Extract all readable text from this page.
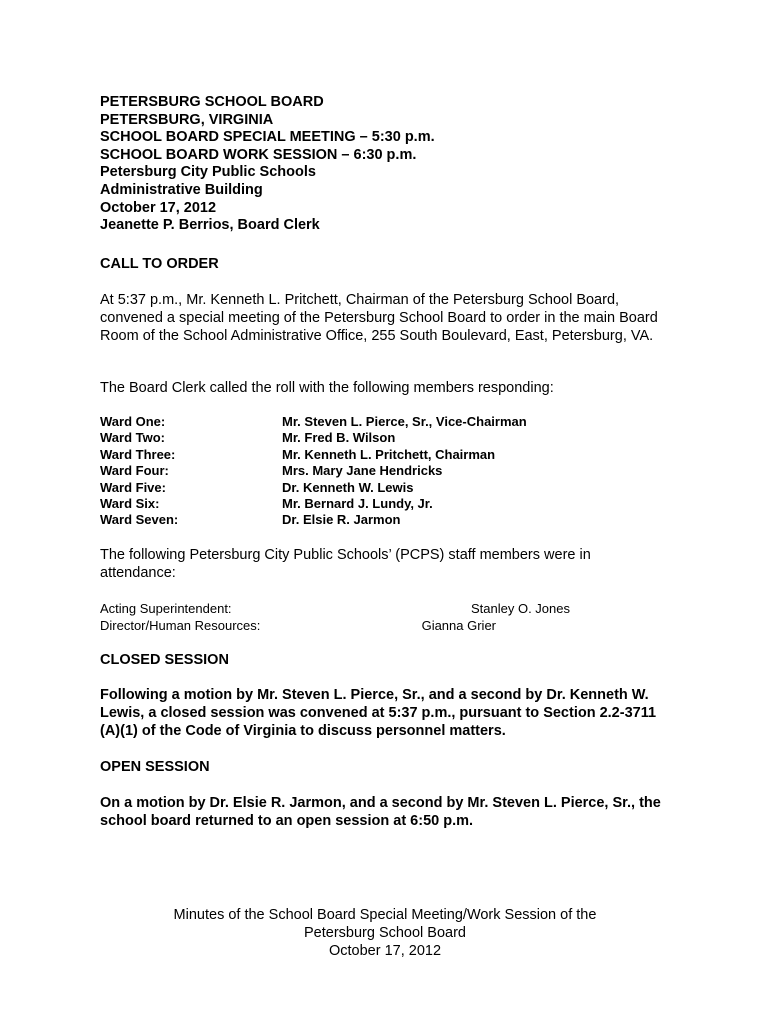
PETERSBURG SCHOOL BOARD
PETERSBURG, VIRGINIA
SCHOOL BOARD SPECIAL MEETING – 5:30 p.m.
SCHOOL BOARD WORK SESSION – 6:30 p.m.
Petersburg City Public Schools
Administrative Building
October 17, 2012
Jeanette P. Berrios, Board Clerk
CALL TO ORDER
At 5:37 p.m., Mr. Kenneth L. Pritchett, Chairman of the Petersburg School Board, convened a special meeting of the Petersburg School Board to order in the main Board Room of the School Administrative Office, 255 South Boulevard, East, Petersburg, VA.
The Board Clerk called the roll with the following members responding:
Ward One:	Mr. Steven L. Pierce, Sr., Vice-Chairman
Ward Two:	Mr. Fred B. Wilson
Ward Three:	Mr. Kenneth L. Pritchett, Chairman
Ward Four:	Mrs. Mary Jane Hendricks
Ward Five:	Dr. Kenneth W. Lewis
Ward Six:	Mr. Bernard J. Lundy, Jr.
Ward Seven:	Dr. Elsie R. Jarmon
The following Petersburg City Public Schools’ (PCPS) staff members were in attendance:
Acting Superintendent:	Stanley O. Jones
Director/Human Resources:	Gianna Grier
CLOSED SESSION
Following a motion by Mr. Steven L. Pierce, Sr., and a second by Dr. Kenneth W. Lewis, a closed session was convened at 5:37 p.m., pursuant to Section 2.2-3711 (A)(1) of the Code of Virginia to discuss personnel matters.
OPEN SESSION
On a motion by Dr. Elsie R. Jarmon, and a second by Mr. Steven L. Pierce, Sr., the school board returned to an open session at 6:50 p.m.
Minutes of the School Board Special Meeting/Work Session of the
Petersburg School Board
October 17, 2012
